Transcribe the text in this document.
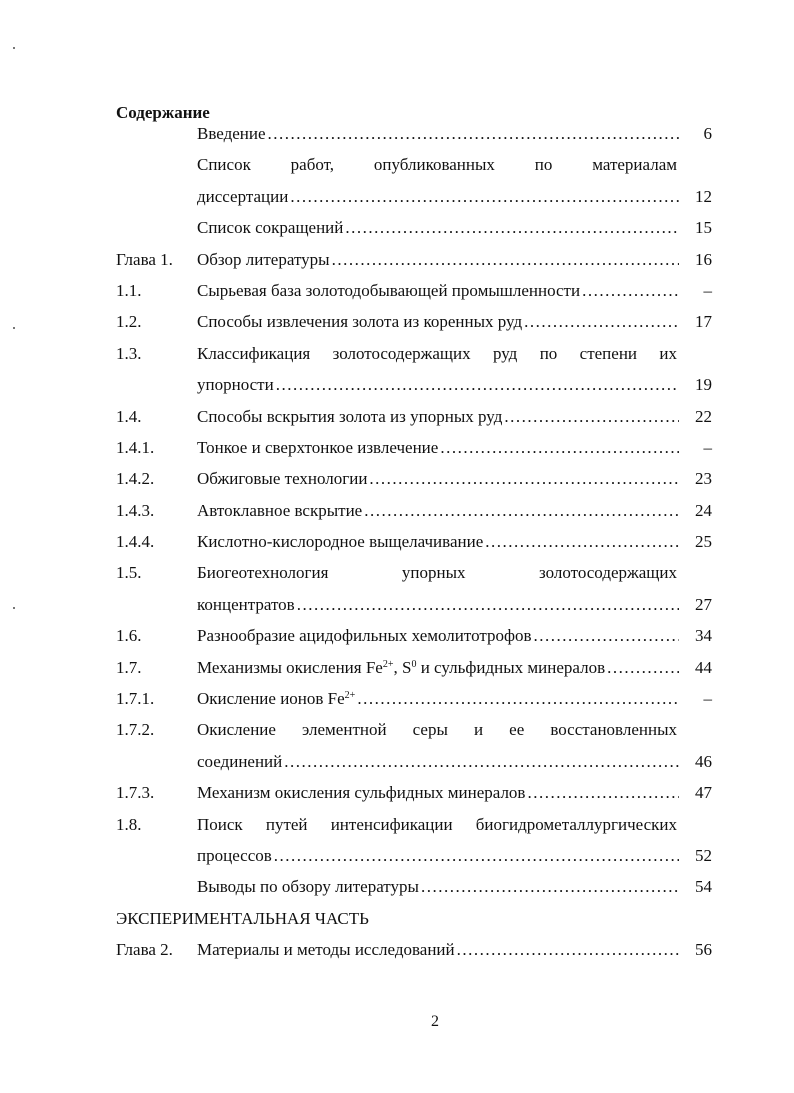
Содержание
Введение .....	6
Список работ, опубликованных по материалам
диссертации .....	12
Список сокращений .....	15
Глава 1. Обзор литературы .....	16
1.1.	Сырьевая база золотодобывающей промышленности .....	–
1.2.	Способы извлечения золота из коренных руд .....	17
1.3.	Классификация золотосодержащих руд по степени их
упорности .....	19
1.4.	Способы вскрытия золота из упорных руд .....	22
1.4.1.	Тонкое и сверхтонкое извлечение .....	–
1.4.2.	Обжиговые технологии .....	23
1.4.3.	Автоклавное вскрытие .....	24
1.4.4.	Кислотно-кислородное выщелачивание .....	25
1.5.	Биогеотехнология упорных золотосодержащих
концентратов .....	27
1.6.	Разнообразие ацидофильных хемолитотрофов .....	34
1.7.	Механизмы окисления $Fe^{2+}$, $S^0$ и сульфидных минералов .....	44
1.7.1.	Окисление ионов $Fe^{2+}$ .....	–
1.7.2.	Окисление элементной серы и ее восстановленных
соединений .....	46
1.7.3.	Механизм окисления сульфидных минералов .....	47
1.8.	Поиск путей интенсификации биогидрометаллургических
процессов .....	52
Выводы по обзору литературы .....	54
ЭКСПЕРИМЕНТАЛЬНАЯ ЧАСТЬ
Глава 2. Материалы и методы исследований .....	56
2
